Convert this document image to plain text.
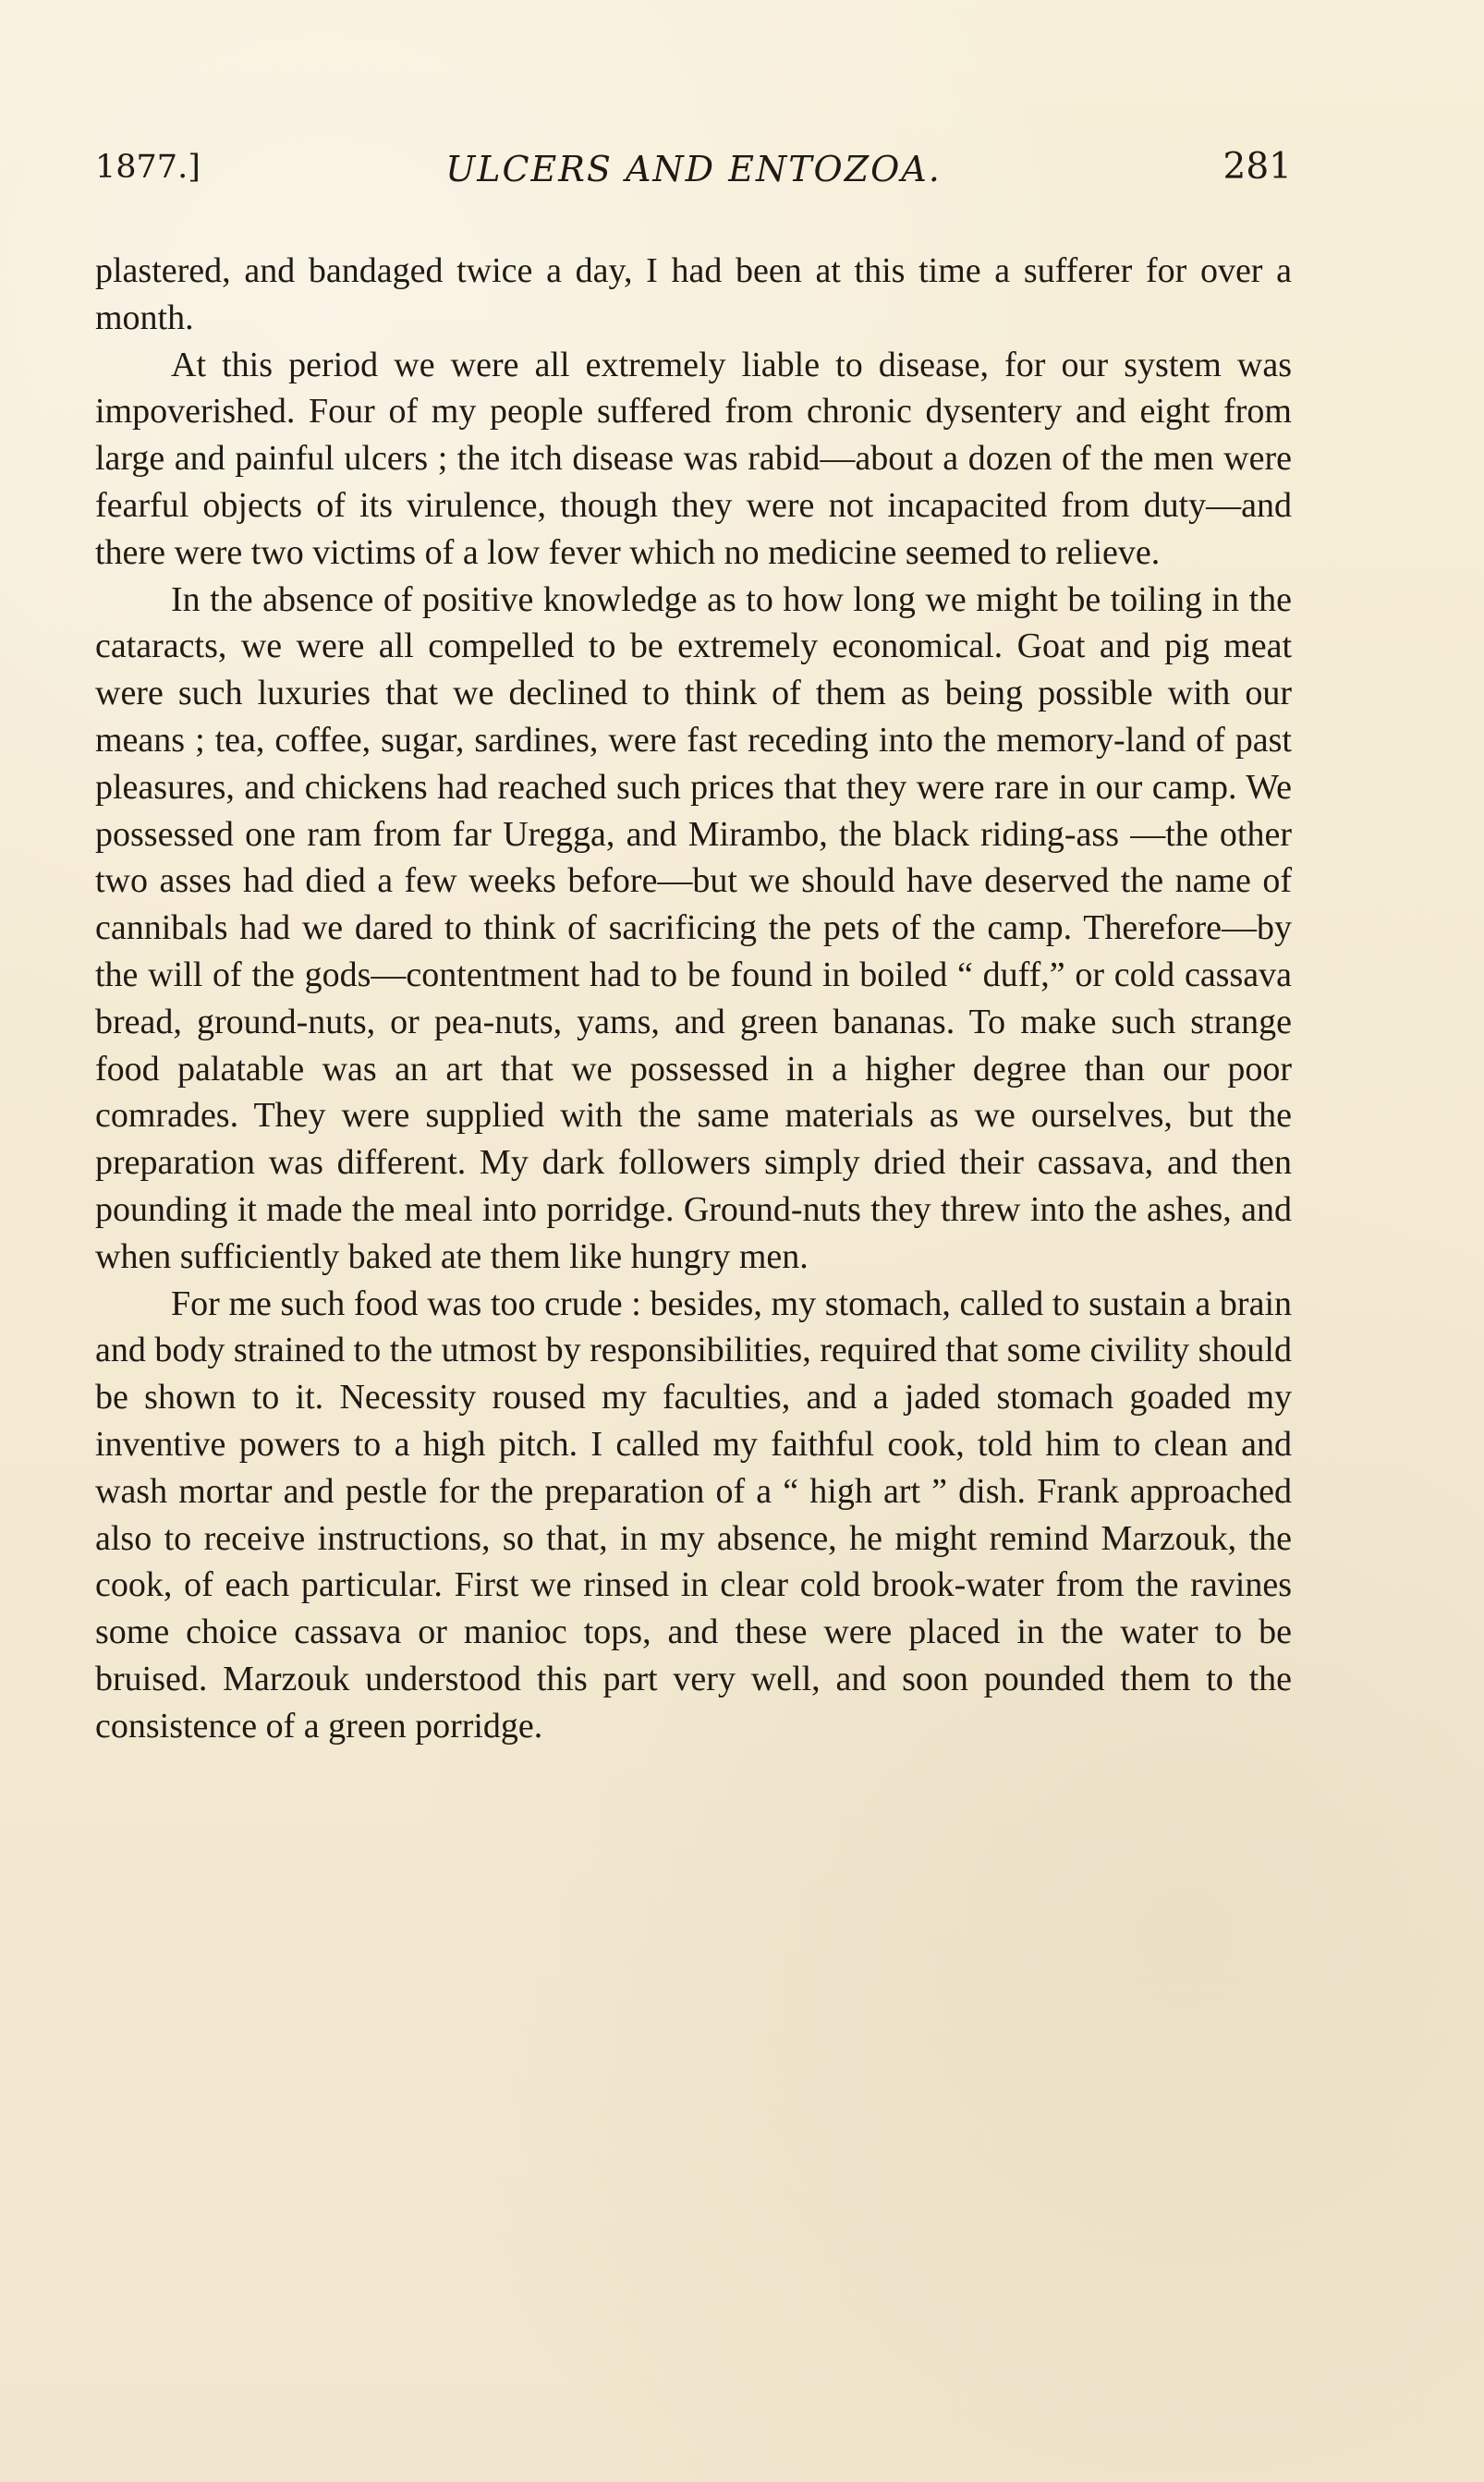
1877.]	ULCERS AND ENTOZOA.	281

plastered, and bandaged twice a day, I had been at this time a sufferer for over a month.

At this period we were all extremely liable to disease, for our system was impoverished. Four of my people suffered from chronic dysentery and eight from large and painful ulcers ; the itch disease was rabid—about a dozen of the men were fearful objects of its virulence, though they were not incapacited from duty—and there were two victims of a low fever which no medicine seemed to relieve.

In the absence of positive knowledge as to how long we might be toiling in the cataracts, we were all compelled to be extremely economical. Goat and pig meat were such luxuries that we declined to think of them as being possible with our means ; tea, coffee, sugar, sardines, were fast receding into the memory-land of past pleasures, and chickens had reached such prices that they were rare in our camp. We possessed one ram from far Uregga, and Mirambo, the black riding-ass —the other two asses had died a few weeks before—but we should have deserved the name of cannibals had we dared to think of sacrificing the pets of the camp. Therefore—by the will of the gods—contentment had to be found in boiled “ duff,” or cold cassava bread, ground-nuts, or pea-nuts, yams, and green bananas. To make such strange food palatable was an art that we possessed in a higher degree than our poor comrades. They were supplied with the same materials as we ourselves, but the preparation was different. My dark followers simply dried their cassava, and then pounding it made the meal into porridge. Ground-nuts they threw into the ashes, and when sufficiently baked ate them like hungry men.

For me such food was too crude : besides, my stomach, called to sustain a brain and body strained to the utmost by responsibilities, required that some civility should be shown to it. Necessity roused my faculties, and a jaded stomach goaded my inventive powers to a high pitch. I called my faithful cook, told him to clean and wash mortar and pestle for the preparation of a “ high art ” dish. Frank approached also to receive instructions, so that, in my absence, he might remind Marzouk, the cook, of each particular. First we rinsed in clear cold brook-water from the ravines some choice cassava or manioc tops, and these were placed in the water to be bruised. Marzouk understood this part very well, and soon pounded them to the consistence of a green porridge.
